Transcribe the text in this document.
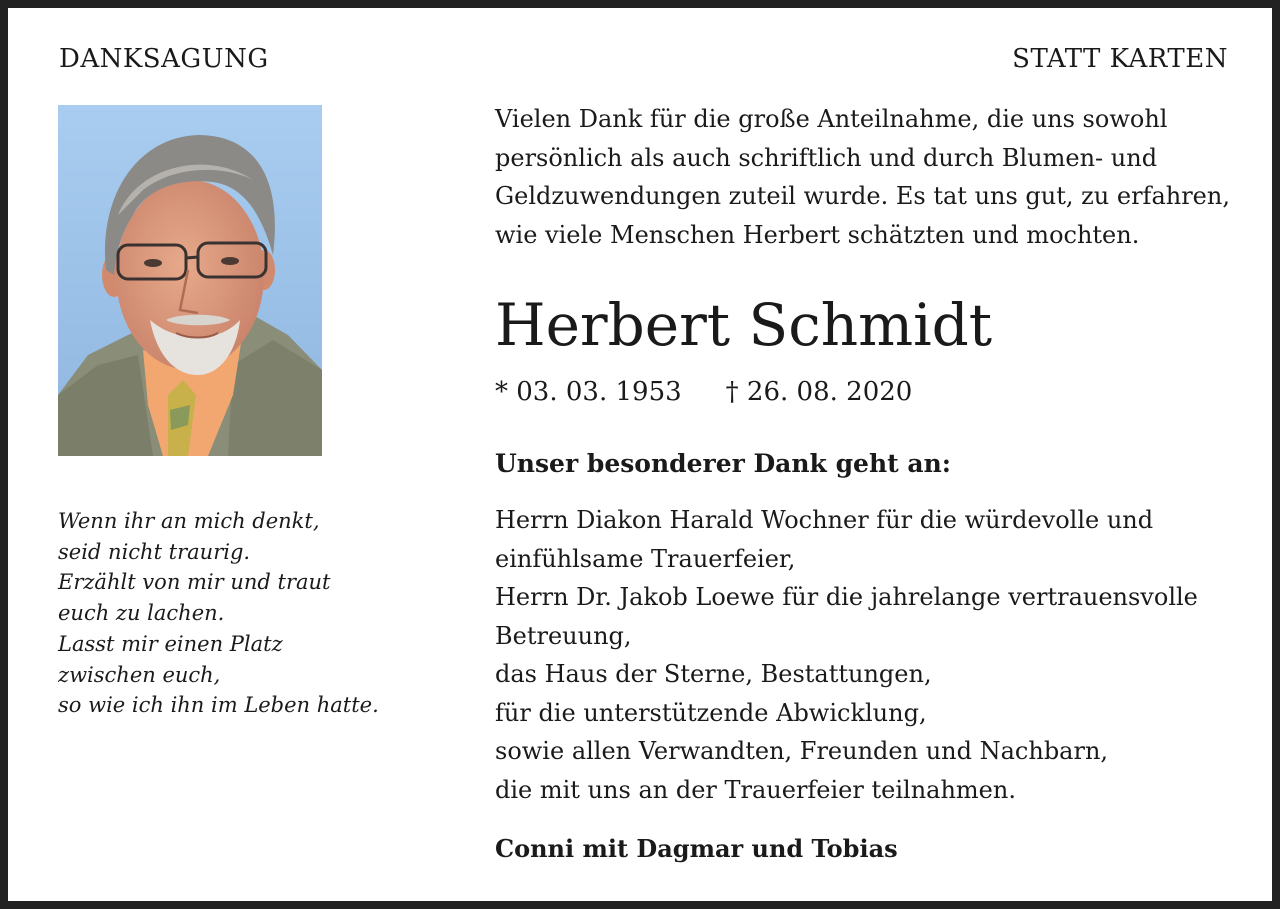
DANKSAGUNG	STATT KARTEN
Wenn ihr an mich denkt,
seid nicht traurig.
Erzählt von mir und traut
euch zu lachen.
Lasst mir einen Platz
zwischen euch,
so wie ich ihn im Leben hatte.
Vielen Dank für die große Anteilnahme, die uns sowohl
persönlich als auch schriftlich und durch Blumen- und
Geldzuwendungen zuteil wurde. Es tat uns gut, zu erfahren,
wie viele Menschen Herbert schätzten und mochten.
Herbert Schmidt
* 03. 03. 1953 † 26. 08. 2020
Unser besonderer Dank geht an:
Herrn Diakon Harald Wochner für die würdevolle und
einfühlsame Trauerfeier,
Herrn Dr. Jakob Loewe für die jahrelange vertrauensvolle
Betreuung,
das Haus der Sterne, Bestattungen,
für die unterstützende Abwicklung,
sowie allen Verwandten, Freunden und Nachbarn,
die mit uns an der Trauerfeier teilnahmen.
Conni mit Dagmar und Tobias
